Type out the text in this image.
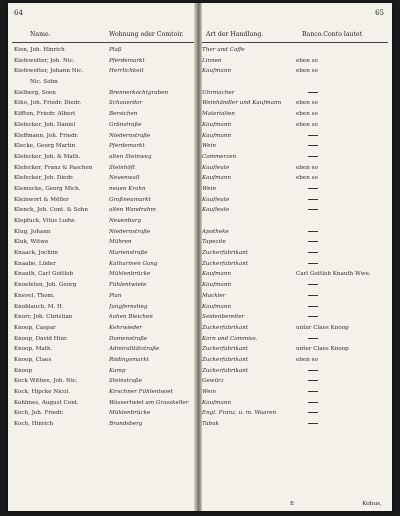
64
Name.	Wohnung oder Comtoir.
Kien, Joh. Hinrich	Plaß
Kiefewetter, Joh. Nic.	Pferdemarkt
Kiefewetter, Johann Nic.	Herrlichkeit
Nic. Sohn
Kielberg, Soen	Brennerkochtgraben
Kiho, Joh. Friedr. Diedr.	Schauerdor
Kiffton, Friedr. Albert	Bersichen
Klefecker, Joh. Daniel	Grünstraße
Kleffmann, Joh. Friedr.	Niedernstraße
Klecke, Georg Martin	Pferdemarkt
Klefecker, Joh. & Math.	alten Steinweg
Klefecker, Franz & Paschen	Steinhöft
Klefecker, Joh. Diedr.	Neuenwall
Klemecke, Georg Mich.	neuen Krahn
Kleinwort & Möller	Großneumarkt
Klenck, Joh. Cont. & Sohn	alten Wandrahm
Klopfuck, Vitus Ludw.	Neuenburg
Klug, Johann	Niedernstraße
Kluk, Witwe	Mühren
Knaack, Jochim	Marienstraße
Knaabe, Lüder	Katharinen Gang
Knauth, Carl Gottlob	Mühlenbrücke
Knoefelen, Joh. Georg	Fühlentwiete
Knevel, Thom.	Plan
Knoblauch, M. H.	Jungfernstieg
Knorr, Joh. Christian	hohen Bleichen
Knoop, Caspar	Kehrwieder
Knoop, David Hinr.	Domenstraße
Knoop, Math.	Admiralitätstraße
Knoop, Claes	Rödingsmarkt
Knoop	Kamp
Kock Wittwe, Joh. Nic.	Steinstraße
Kock, Hipcke Nicol.	Kirschner Fühlentwiet
Kohlmes, August Cont.	Wassertwiet am Grasskeller
Koch, Joh. Friedr.	Mühlenbrücke
Koch, Hinrich	Brandsberg
65
Art der Handlung.	Banco.Conto lautet
Ther und Caffe
Linnen	eben so
Kaufmann	eben so
Uhrmacher
Weinhändler und Kaufmann	eben so
Materialien	eben so
Kaufmann	eben so
Kaufmann
Wein
Commerzen
Kaufleute	eben so
Kaufmann	eben so
Wein
Kaufleute
Kaufleute
Apotheke
Tapezite
Zuckerfabrikant
Zuckerfabrikant
Kaufmann	Carl Gottlob Knauth Wwe.
Kaufmann
Mackler
Kaufmann
Seidenbereiter
Zuckerfabrikant	unter Claes Knoop
Korn und Commiss.
Zuckerfabrikant	unter Claes Knoop
Zuckerfabrikant	eben so
Zuckerfabrikant
Gewürz
Wein
Kaufmann
Engl. Franz. u. m. Waaren
Tabak
E	Kobus,
